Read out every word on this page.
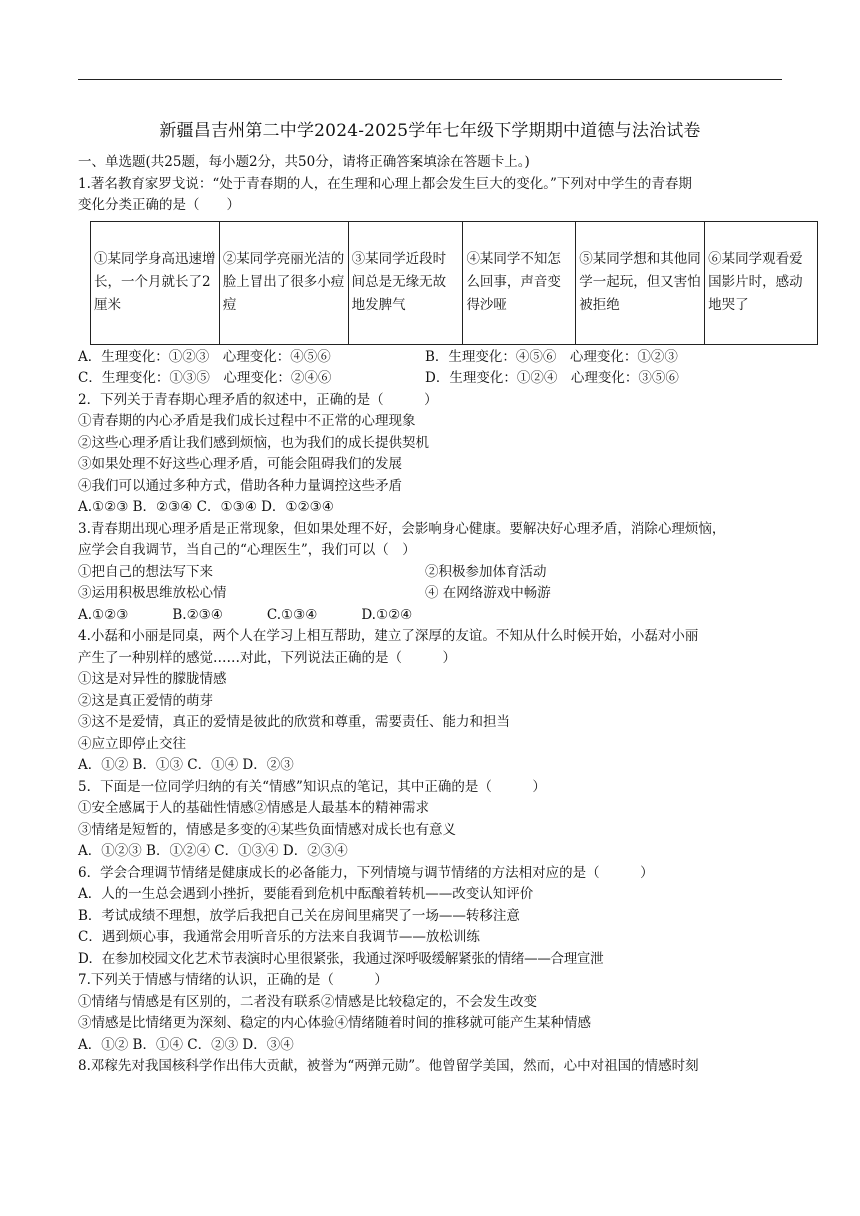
新疆昌吉州第二中学2024-2025学年七年级下学期期中道德与法治试卷
一、单选题(共25题，每小题2分，共50分，请将正确答案填涂在答题卡上。)
1.著名教育家罗戈说：“处于青春期的人，在生理和心理上都会发生巨大的变化。”下列对中学生的青春期
变化分类正确的是（　　）
①某同学身高迅速增长，一个月就长了2厘米	②某同学亮丽光洁的脸上冒出了很多小痘痘	③某同学近段时间总是无缘无故地发脾气	④某同学不知怎么回事，声音变得沙哑	⑤某同学想和其他同学一起玩，但又害怕被拒绝	⑥某同学观看爱国影片时，感动地哭了
A．生理变化：①②③　心理变化：④⑤⑥	B．生理变化：④⑤⑥　心理变化：①②③
C．生理变化：①③⑤　心理变化：②④⑥	D．生理变化：①②④　心理变化：③⑤⑥
2．下列关于青春期心理矛盾的叙述中，正确的是（　　　）
①青春期的内心矛盾是我们成长过程中不正常的心理现象
②这些心理矛盾让我们感到烦恼，也为我们的成长提供契机
③如果处理不好这些心理矛盾，可能会阻碍我们的发展
④我们可以通过多种方式，借助各种力量调控这些矛盾
A.①②③ B．②③④ C．①③④ D．①②③④
3.青春期出现心理矛盾是正常现象，但如果处理不好，会影响身心健康。要解决好心理矛盾，消除心理烦恼，
应学会自我调节，当自己的“心理医生”，我们可以（　）
①把自己的想法写下来	②积极参加体育活动
③运用积极思维放松心情	④ 在网络游戏中畅游
A.①②③	B.②③④	C.①③④	D.①②④
4.小磊和小丽是同桌，两个人在学习上相互帮助，建立了深厚的友谊。不知从什么时候开始，小磊对小丽
产生了一种别样的感觉……对此，下列说法正确的是（　　　）
①这是对异性的朦胧情感
②这是真正爱情的萌芽
③这不是爱情，真正的爱情是彼此的欣赏和尊重，需要责任、能力和担当
④应立即停止交往
A．①② B．①③ C．①④ D．②③
5．下面是一位同学归纳的有关“情感”知识点的笔记，其中正确的是（　　　）
①安全感属于人的基础性情感②情感是人最基本的精神需求
③情绪是短暂的，情感是多变的④某些负面情感对成长也有意义
A．①②③ B．①②④ C．①③④ D．②③④
6．学会合理调节情绪是健康成长的必备能力，下列情境与调节情绪的方法相对应的是（　　　）
A．人的一生总会遇到小挫折，要能看到危机中酝酿着转机——改变认知评价
B．考试成绩不理想，放学后我把自己关在房间里痛哭了一场——转移注意
C．遇到烦心事，我通常会用听音乐的方法来自我调节——放松训练
D．在参加校园文化艺术节表演时心里很紧张，我通过深呼吸缓解紧张的情绪——合理宣泄
7.下列关于情感与情绪的认识，正确的是（　　　）
①情绪与情感是有区别的，二者没有联系②情感是比较稳定的，不会发生改变
③情感是比情绪更为深刻、稳定的内心体验④情绪随着时间的推移就可能产生某种情感
A．①② B．①④ C．②③ D．③④
8.邓稼先对我国核科学作出伟大贡献，被誉为“两弹元勋”。他曾留学美国，然而，心中对祖国的情感时刻
